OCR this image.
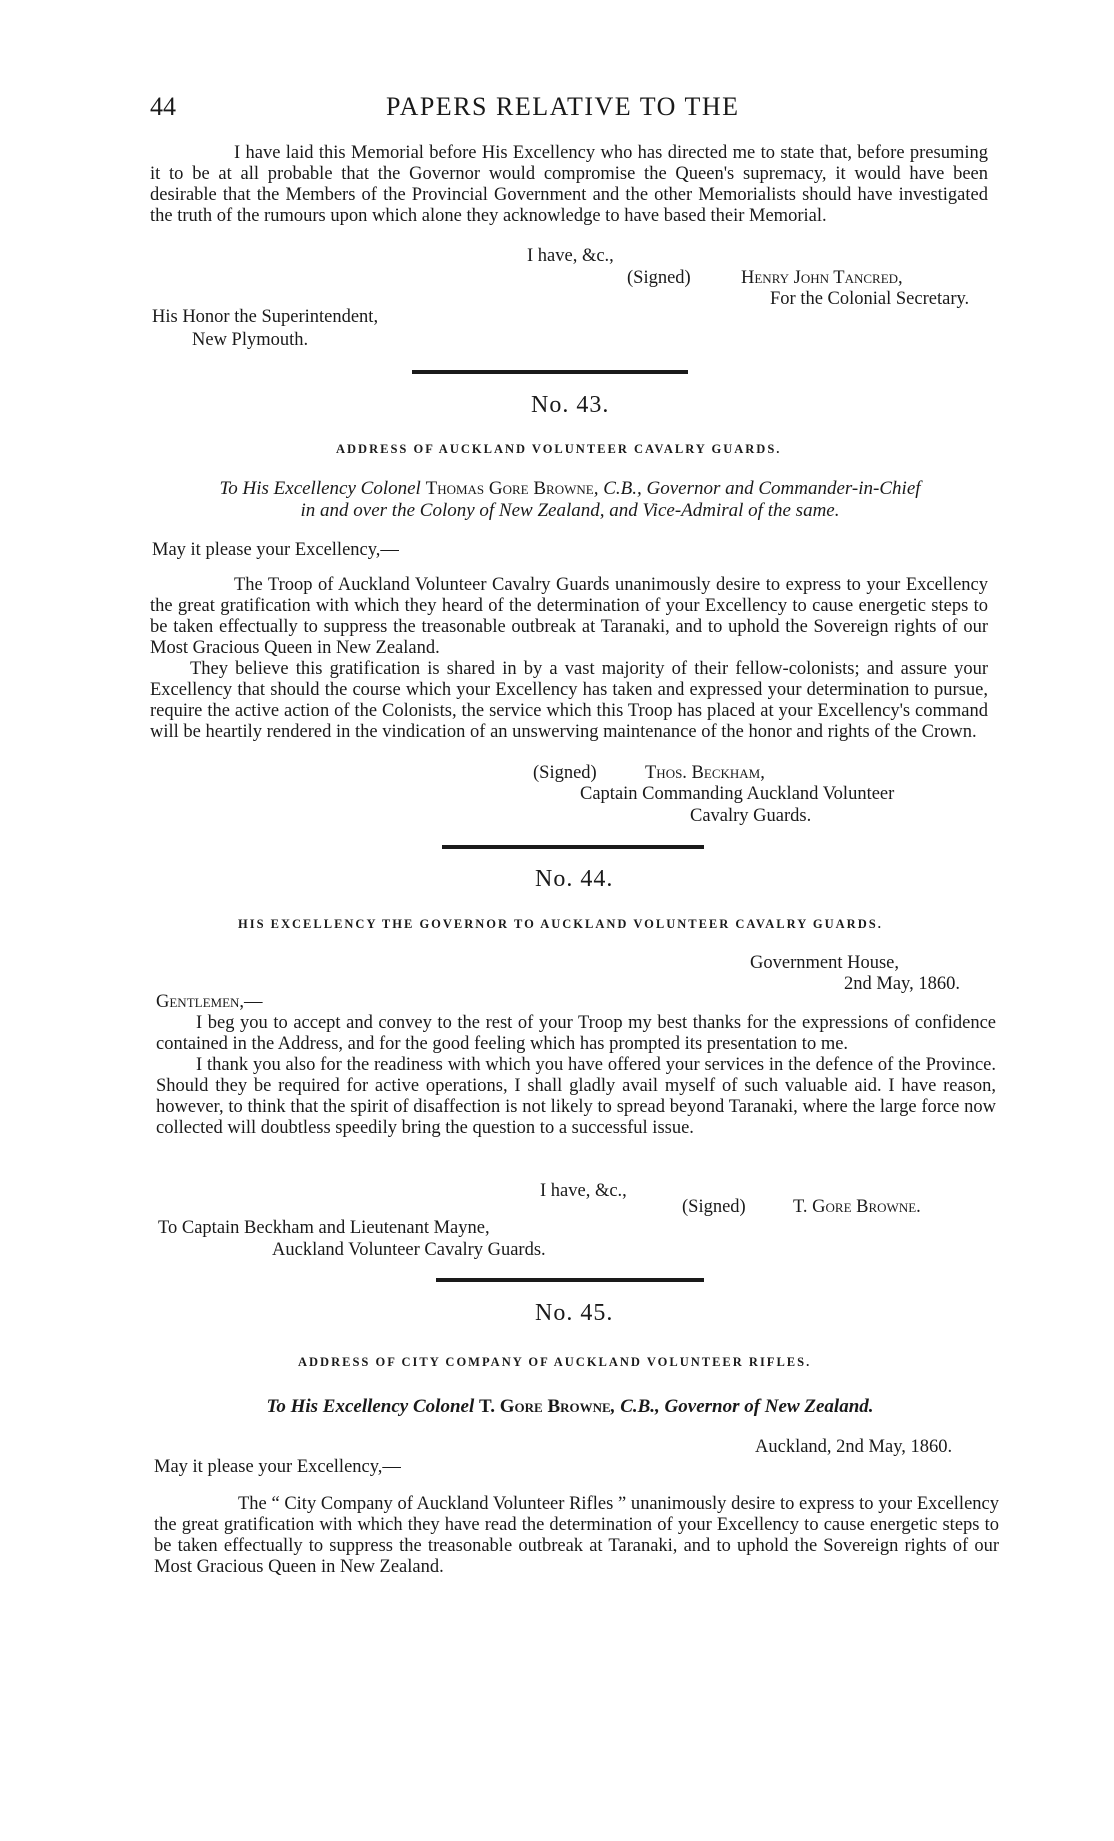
44	PAPERS RELATIVE TO THE

I have laid this Memorial before His Excellency who has directed me to state that, before presuming it to be at all probable that the Governor would compromise the Queen's supremacy, it would have been desirable that the Members of the Provincial Government and the other Memorialists should have investigated the truth of the rumours upon which alone they acknowledge to have based their Memorial.

I have, &c.,
(Signed)	Henry John Tancred,
For the Colonial Secretary.
His Honor the Superintendent,
New Plymouth.
No. 43.
ADDRESS OF AUCKLAND VOLUNTEER CAVALRY GUARDS.
To His Excellency Colonel Thomas Gore Browne, C.B., Governor and Commander-in-Chief
in and over the Colony of New Zealand, and Vice-Admiral of the same.
May it please your Excellency,—

The Troop of Auckland Volunteer Cavalry Guards unanimously desire to express to your Excellency the great gratification with which they heard of the determination of your Excellency to cause energetic steps to be taken effectually to suppress the treasonable outbreak at Taranaki, and to uphold the Sovereign rights of our Most Gracious Queen in New Zealand.

They believe this gratification is shared in by a vast majority of their fellow-colonists; and assure your Excellency that should the course which your Excellency has taken and expressed your determination to pursue, require the active action of the Colonists, the service which this Troop has placed at your Excellency's command will be heartily rendered in the vindication of an unswerving maintenance of the honor and rights of the Crown.

(Signed)	Thos. Beckham,
Captain Commanding Auckland Volunteer
Cavalry Guards.
No. 44.
HIS EXCELLENCY THE GOVERNOR TO AUCKLAND VOLUNTEER CAVALRY GUARDS.
Government House,
2nd May, 1860.
Gentlemen,—

I beg you to accept and convey to the rest of your Troop my best thanks for the expressions of confidence contained in the Address, and for the good feeling which has prompted its presentation to me.

I thank you also for the readiness with which you have offered your services in the defence of the Province. Should they be required for active operations, I shall gladly avail myself of such valuable aid. I have reason, however, to think that the spirit of disaffection is not likely to spread beyond Taranaki, where the large force now collected will doubtless speedily bring the question to a successful issue.

I have, &c.,
(Signed)	T. Gore Browne.
To Captain Beckham and Lieutenant Mayne,
Auckland Volunteer Cavalry Guards.
No. 45.
ADDRESS OF CITY COMPANY OF AUCKLAND VOLUNTEER RIFLES.
To His Excellency Colonel T. Gore Browne, C.B., Governor of New Zealand.
Auckland, 2nd May, 1860.
May it please your Excellency,—

The “ City Company of Auckland Volunteer Rifles ” unanimously desire to express to your Excellency the great gratification with which they have read the determination of your Excellency to cause energetic steps to be taken effectually to suppress the treasonable outbreak at Taranaki, and to uphold the Sovereign rights of our Most Gracious Queen in New Zealand.
